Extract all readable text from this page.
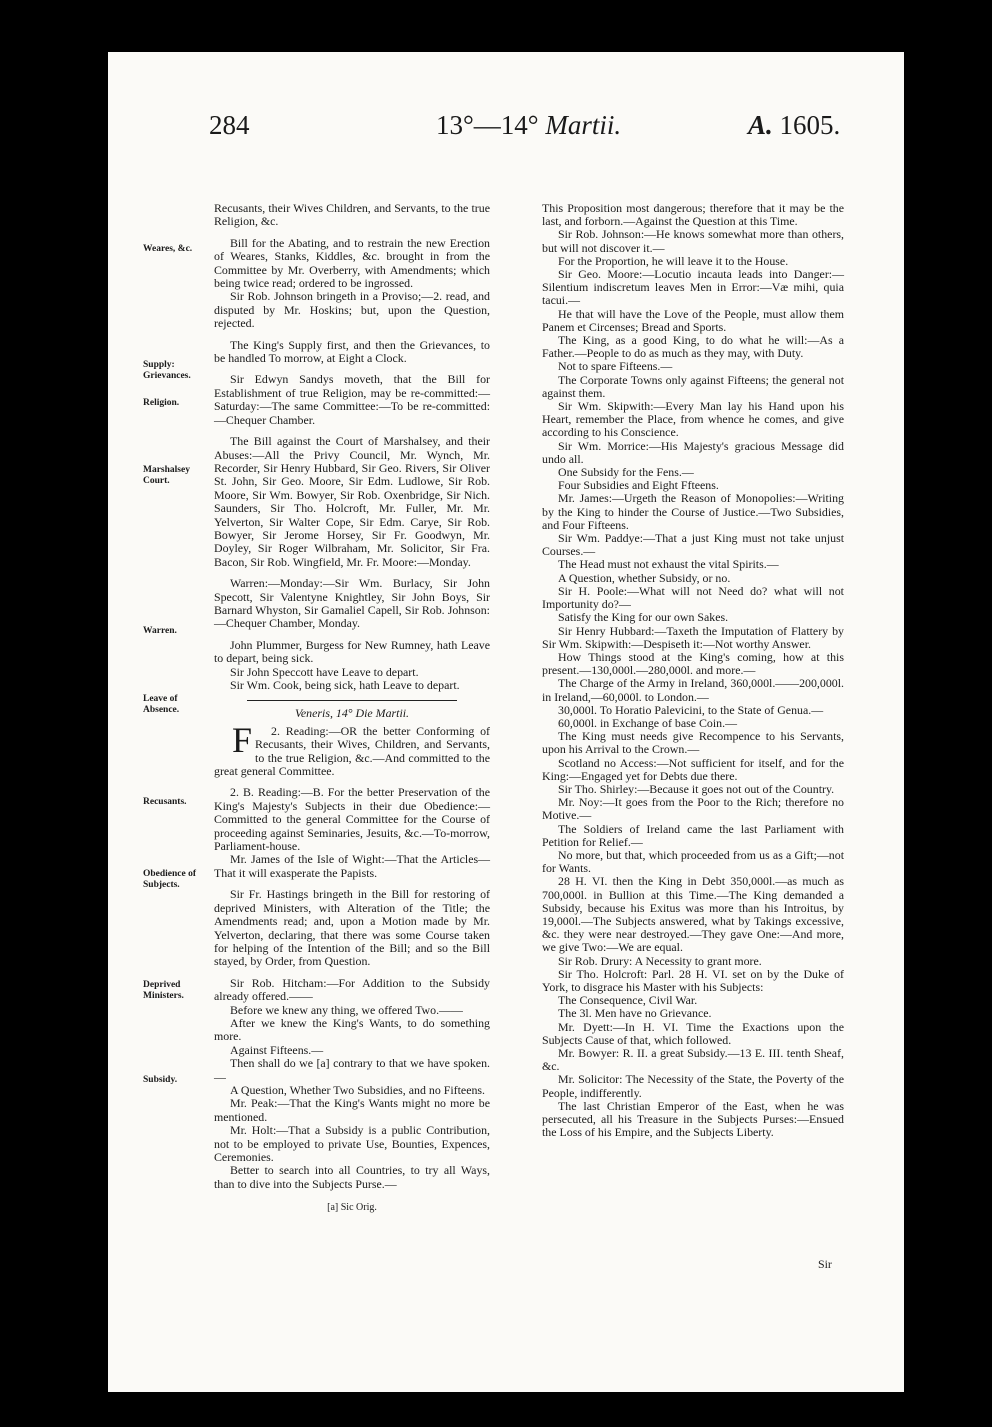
284	13°—14° Martii.	A. 1605.
Weares, &c.
Supply: Grievances.
Religion.
Marshalsey Court.
Warren.
Leave of Absence.
Recusants.
Obedience of Subjects.
Deprived Ministers.
Subsidy.

Recusants, their Wives Children, and Servants, to the true Religion, &c.

Bill for the Abating, and to restrain the new Erection of Weares, Stanks, Kiddles, &c. brought in from the Committee by Mr. Overberry, with Amendments; which being twice read; ordered to be ingrossed.

Sir Rob. Johnson bringeth in a Proviso;—2. read, and disputed by Mr. Hoskins; but, upon the Question, rejected.

The King's Supply first, and then the Grievances, to be handled To morrow, at Eight a Clock.

Sir Edwyn Sandys moveth, that the Bill for Establishment of true Religion, may be re-committed:—Saturday:—The same Committee:—To be re-committed:—Chequer Chamber.

The Bill against the Court of Marshalsey, and their Abuses:—All the Privy Council, Mr. Wynch, Mr. Recorder, Sir Henry Hubbard, Sir Geo. Rivers, Sir Oliver St. John, Sir Geo. Moore, Sir Edm. Ludlowe, Sir Rob. Moore, Sir Wm. Bowyer, Sir Rob. Oxenbridge, Sir Nich. Saunders, Sir Tho. Holcroft, Mr. Fuller, Mr. Mr. Yelverton, Sir Walter Cope, Sir Edm. Carye, Sir Rob. Bowyer, Sir Jerome Horsey, Sir Fr. Goodwyn, Mr. Doyley, Sir Roger Wilbraham, Mr. Solicitor, Sir Fra. Bacon, Sir Rob. Wingfield, Mr. Fr. Moore:—Monday.

Warren:—Monday:—Sir Wm. Burlacy, Sir John Specott, Sir Valentyne Knightley, Sir John Boys, Sir Barnard Whyston, Sir Gamaliel Capell, Sir Rob. Johnson:—Chequer Chamber, Monday.

John Plummer, Burgess for New Rumney, hath Leave to depart, being sick.

Sir John Speccott have Leave to depart.

Sir Wm. Cook, being sick, hath Leave to depart.

Veneris, 14° Die Martii.

2. Reading:—
F	OR the better Conforming of Recusants, their Wives, Children, and Servants, to the true Religion, &c.—And committed to the great general Committee.

2. B. Reading:—B. For the better Preservation of the King's Majesty's Subjects in their due Obedience:—Committed to the general Committee for the Course of proceeding against Seminaries, Jesuits, &c.—To-morrow, Parliament-house.

Mr. James of the Isle of Wight:—That the Articles—That it will exasperate the Papists.

Sir Fr. Hastings bringeth in the Bill for restoring of deprived Ministers, with Alteration of the Title; the Amendments read; and, upon a Motion made by Mr. Yelverton, declaring, that there was some Course taken for helping of the Intention of the Bill; and so the Bill stayed, by Order, from Question.

Sir Rob. Hitcham:—For Addition to the Subsidy already offered.——

Before we knew any thing, we offered Two.——

After we knew the King's Wants, to do something more.

Against Fifteens.—

Then shall do we [a] contrary to that we have spoken.—

A Question, Whether Two Subsidies, and no Fifteens.

Mr. Peak:—That the King's Wants might no more be mentioned.

Mr. Holt:—That a Subsidy is a public Contribution, not to be employed to private Use, Bounties, Expences, Ceremonies.

Better to search into all Countries, to try all Ways, than to dive into the Subjects Purse.—

[a] Sic Orig.

This Proposition most dangerous; therefore that it may be the last, and forborn.—Against the Question at this Time.

Sir Rob. Johnson:—He knows somewhat more than others, but will not discover it.—

For the Proportion, he will leave it to the House.

Sir Geo. Moore:—Locutio incauta leads into Danger:—Silentium indiscretum leaves Men in Error:—Væ mihi, quia tacui.—

He that will have the Love of the People, must allow them Panem et Circenses; Bread and Sports.

The King, as a good King, to do what he will:—As a Father.—People to do as much as they may, with Duty.

Not to spare Fifteens.—

The Corporate Towns only against Fifteens; the general not against them.

Sir Wm. Skipwith:—Every Man lay his Hand upon his Heart, remember the Place, from whence he comes, and give according to his Conscience.

Sir Wm. Morrice:—His Majesty's gracious Message did undo all.

One Subsidy for the Fens.—

Four Subsidies and Eight Ffteens.

Mr. James:—Urgeth the Reason of Monopolies:—Writing by the King to hinder the Course of Justice.—Two Subsidies, and Four Fifteens.

Sir Wm. Paddye:—That a just King must not take unjust Courses.—

The Head must not exhaust the vital Spirits.—

A Question, whether Subsidy, or no.

Sir H. Poole:—What will not Need do? what will not Importunity do?—

Satisfy the King for our own Sakes.

Sir Henry Hubbard:—Taxeth the Imputation of Flattery by Sir Wm. Skipwith:—Despiseth it:—Not worthy Answer.

How Things stood at the King's coming, how at this present.—130,000l.—280,000l. and more.—

The Charge of the Army in Ireland, 360,000l.——200,000l. in Ireland,—60,000l. to London.—

30,000l. To Horatio Palevicini, to the State of Genua.—

60,000l. in Exchange of base Coin.—

The King must needs give Recompence to his Servants, upon his Arrival to the Crown.—

Scotland no Access:—Not sufficient for itself, and for the King:—Engaged yet for Debts due there.

Sir Tho. Shirley:—Because it goes not out of the Country.

Mr. Noy:—It goes from the Poor to the Rich; therefore no Motive.—

The Soldiers of Ireland came the last Parliament with Petition for Relief.—

No more, but that, which proceeded from us as a Gift;—not for Wants.

28 H. VI. then the King in Debt 350,000l.—as much as 700,000l. in Bullion at this Time.—The King demanded a Subsidy, because his Exitus was more than his Introitus, by 19,000l.—The Subjects answered, what by Takings excessive, &c. they were near destroyed.—They gave One:—And more, we give Two:—We are equal.

Sir Rob. Drury: A Necessity to grant more.

Sir Tho. Holcroft: Parl. 28 H. VI. set on by the Duke of York, to disgrace his Master with his Subjects:

The Consequence, Civil War.

The 3l. Men have no Grievance.

Mr. Dyett:—In H. VI. Time the Exactions upon the Subjects Cause of that, which followed.

Mr. Bowyer: R. II. a great Subsidy.—13 E. III. tenth Sheaf, &c.

Mr. Solicitor: The Necessity of the State, the Poverty of the People, indifferently.

The last Christian Emperor of the East, when he was persecuted, all his Treasure in the Subjects Purses:—Ensued the Loss of his Empire, and the Subjects Liberty.

Sir
